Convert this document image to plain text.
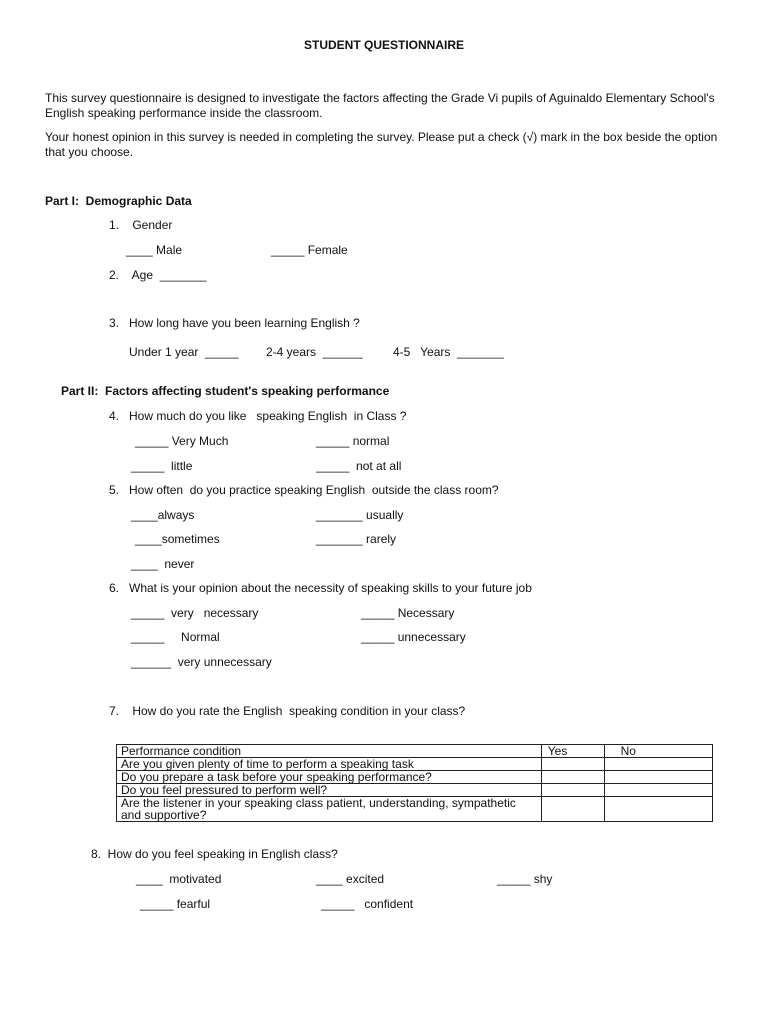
STUDENT QUESTIONNAIRE
This survey questionnaire is designed to investigate the factors affecting the Grade Vi pupils of Aguinaldo Elementary School's English speaking performance inside the classroom.
Your honest opinion in this survey is needed in completing the survey. Please put a check (√) mark in the box beside the option that you choose.
Part I:  Demographic Data
1.    Gender
____ Male	_____ Female
2.    Age  _______
3.   How long have you been learning English ?
Under 1 year  _____ 2-4 years  ______	4-5   Years  _______
Part II:  Factors affecting student's speaking performance
4.   How much do you like   speaking English  in Class ?
_____ Very Much	_____ normal
_____  little	_____  not at all
5.   How often  do you practice speaking English  outside the class room?
____always	_______ usually
____sometimes	_______ rarely
____  never
6.   What is your opinion about the necessity of speaking skills to your future job
_____  very   necessary	_____ Necessary
_____     Normal	_____ unnecessary
______  very unnecessary
7.    How do you rate the English  speaking condition in your class?
Performance condition	Yes	No
Are you given plenty of time to perform a speaking task		
Do you prepare a task before your speaking performance?		
Do you feel pressured to perform well?		
Are the listener in your speaking class patient, understanding, sympathetic and supportive?		
8.  How do you feel speaking in English class?
____  motivated	____ excited	_____ shy
_____ fearful	_____   confident
